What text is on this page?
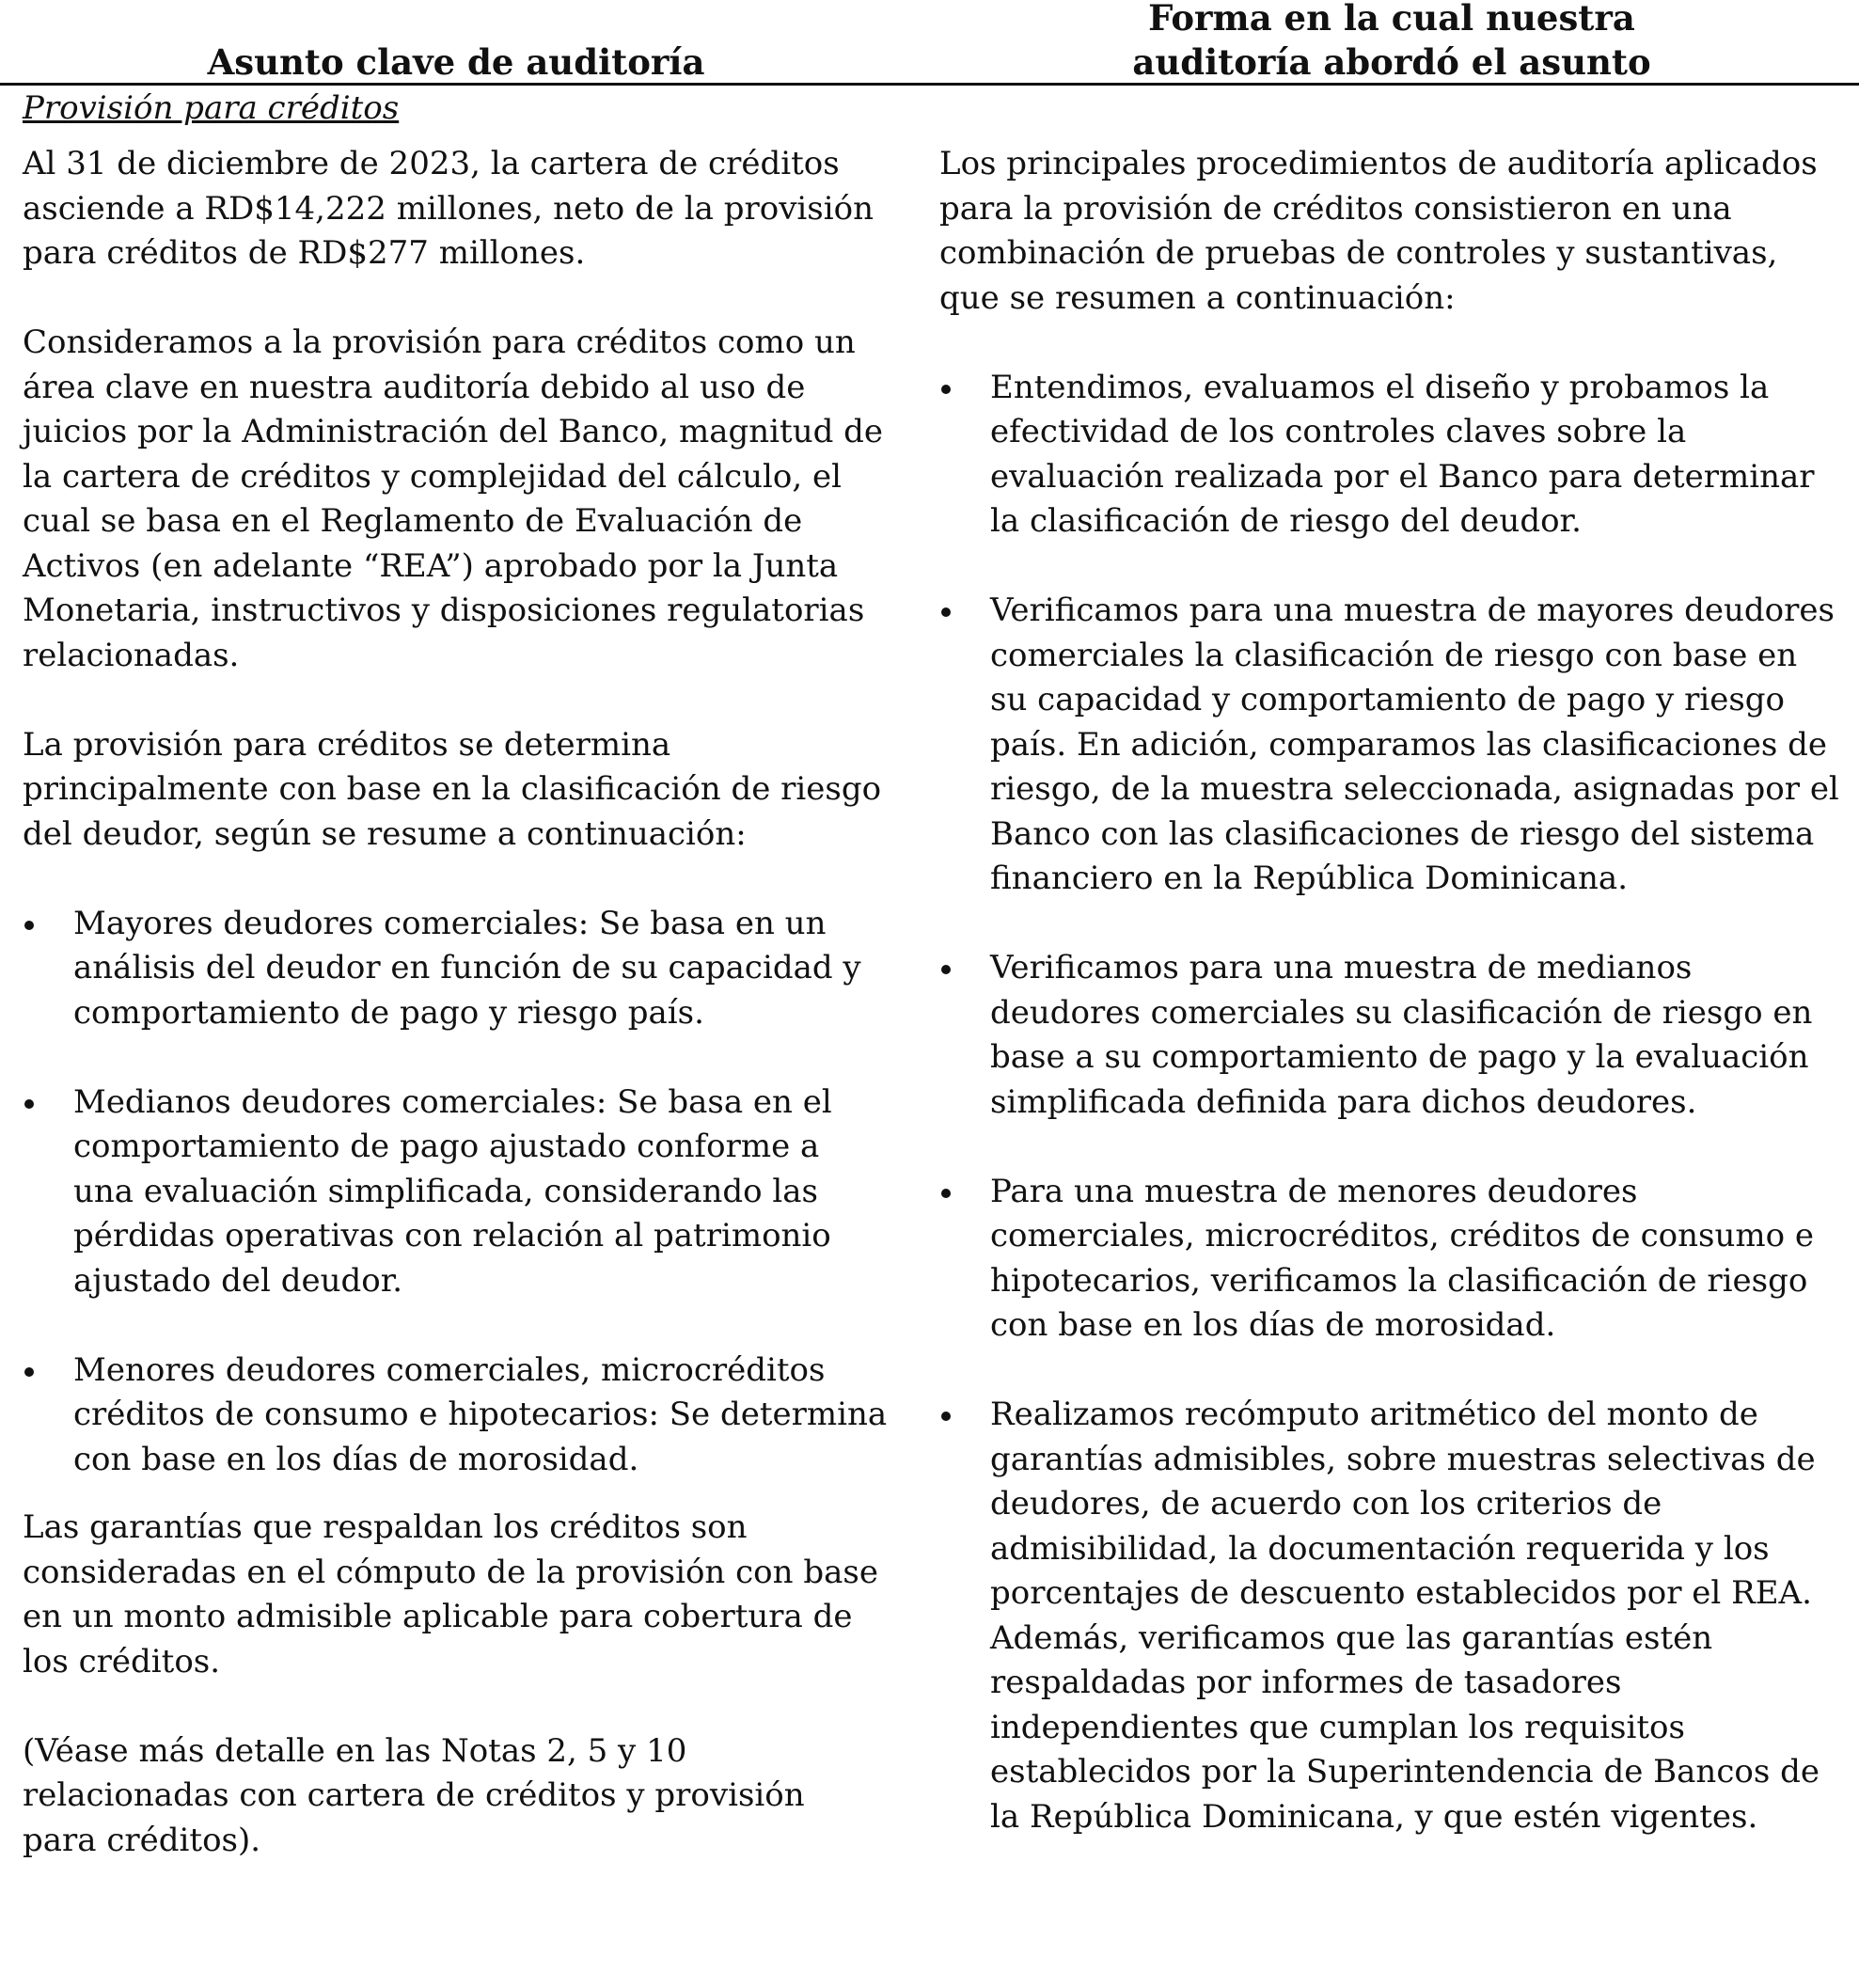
Asunto clave de auditoría
Forma en la cual nuestra
auditoría abordó el asunto
Provisión para créditos

Al 31 de diciembre de 2023, la cartera de créditos asciende a RD$14,222 millones, neto de la provisión para créditos de RD$277 millones.

Consideramos a la provisión para créditos como un área clave en nuestra auditoría debido al uso de juicios por la Administración del Banco, magnitud de la cartera de créditos y complejidad del cálculo, el cual se basa en el Reglamento de Evaluación de Activos (en adelante “REA”) aprobado por la Junta Monetaria, instructivos y disposiciones regulatorias relacionadas.

La provisión para créditos se determina principalmente con base en la clasificación de riesgo del deudor, según se resume a continuación:

Mayores deudores comerciales: Se basa en un análisis del deudor en función de su capacidad y comportamiento de pago y riesgo país.
Medianos deudores comerciales: Se basa en el comportamiento de pago ajustado conforme a una evaluación simplificada, considerando las pérdidas operativas con relación al patrimonio ajustado del deudor.
Menores deudores comerciales, microcréditos créditos de consumo e hipotecarios: Se determina con base en los días de morosidad.

Las garantías que respaldan los créditos son consideradas en el cómputo de la provisión con base en un monto admisible aplicable para cobertura de los créditos.

(Véase más detalle en las Notas 2, 5 y 10 relacionadas con cartera de créditos y provisión para créditos).

Los principales procedimientos de auditoría aplicados para la provisión de créditos consistieron en una combinación de pruebas de controles y sustantivas, que se resumen a continuación:

Entendimos, evaluamos el diseño y probamos la efectividad de los controles claves sobre la evaluación realizada por el Banco para determinar la clasificación de riesgo del deudor.
Verificamos para una muestra de mayores deudores comerciales la clasificación de riesgo con base en su capacidad y comportamiento de pago y riesgo país. En adición, comparamos las clasificaciones de riesgo, de la muestra seleccionada, asignadas por el Banco con las clasificaciones de riesgo del sistema financiero en la República Dominicana.
Verificamos para una muestra de medianos deudores comerciales su clasificación de riesgo en base a su comportamiento de pago y la evaluación simplificada definida para dichos deudores.
Para una muestra de menores deudores comerciales, microcréditos, créditos de consumo e hipotecarios, verificamos la clasificación de riesgo con base en los días de morosidad.
Realizamos recómputo aritmético del monto de garantías admisibles, sobre muestras selectivas de deudores, de acuerdo con los criterios de admisibilidad, la documentación requerida y los porcentajes de descuento establecidos por el REA. Además, verificamos que las garantías estén respaldadas por informes de tasadores independientes que cumplan los requisitos establecidos por la Superintendencia de Bancos de la República Dominicana, y que estén vigentes.
